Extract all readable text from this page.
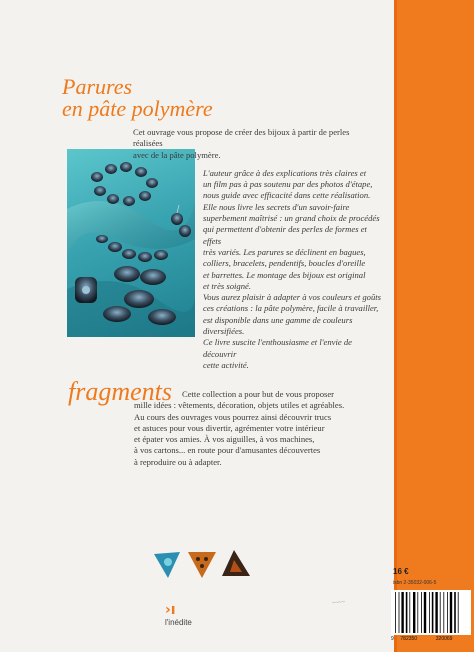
Parures
en pâte polymère

Cet ouvrage vous propose de créer des bijoux à partir de perles réalisées

avec de la pâte polymère.

L'auteur grâce à des explications très claires et

un film pas à pas soutenu par des photos d'étape,

nous guide avec efficacité dans cette réalisation.

Elle nous livre les secrets d'un savoir-faire

superbement maîtrisé : un grand choix de procédés

qui permettent d'obtenir des perles de formes et effets

très variés. Les parures se déclinent en bagues,

colliers, bracelets, pendentifs, boucles d'oreille

et barrettes. Le montage des bijoux est original

et très soigné.

Vous aurez plaisir à adapter à vos couleurs et goûts

ces créations : la pâte polymère, facile à travailler,

est disponible dans une gamme de couleurs diversifiées.

Ce livre suscite l'enthousiasme et l'envie de découvrir

cette activité.

fragments Cette collection a pour but de vous proposer
mille idées : vêtements, décoration, objets utiles et agréables.
Au cours des ouvrages vous pourrez ainsi découvrir trucs
et astuces pour vous divertir, agrémenter votre intérieur
et épater vos amies. À vos aiguilles, à vos machines,
à vos cartons... en route pour d'amusantes découvertes
à reproduire ou à adapter.
›ı
l'inédite
~~~~
16 €
isbn 2-35032-006-5
9 782350	320069
